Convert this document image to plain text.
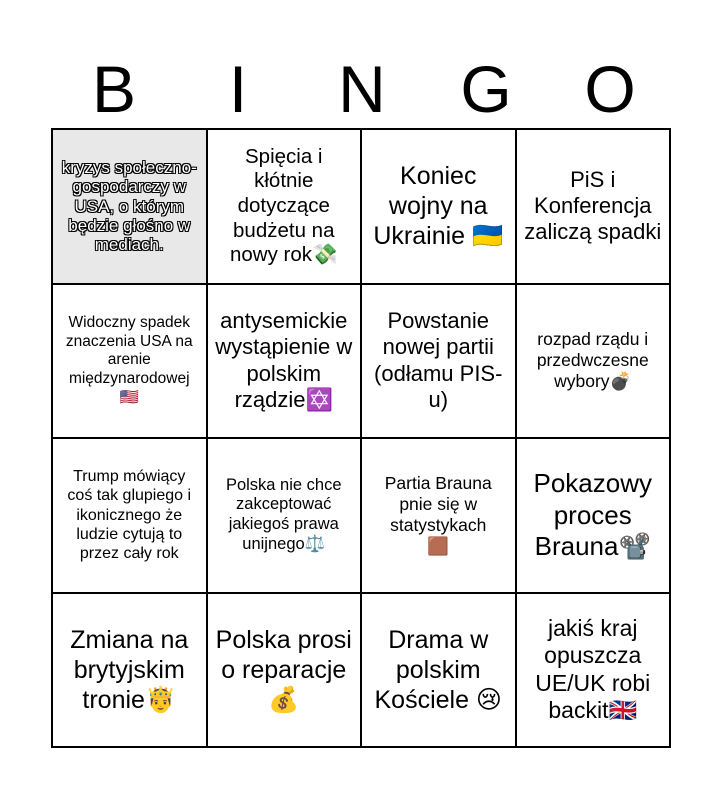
B	I	N	G	O
kryzys społeczno-gospodarczy w USA, o którym będzie głośno w mediach.
Spięcia i kłótnie dotyczące budżetu na nowy rok💸
Koniec wojny na Ukrainie 🇺🇦
PiS i Konferencja zaliczą spadki
Widoczny spadek znaczenia USA na arenie międzynarodowej 🇺🇸
antysemickie wystąpienie w polskim rządzie✡️
Powstanie nowej partii (odłamu PIS-u)
rozpad rządu i przedwczesne wybory💣
Trump mówiący coś tak glupiego i ikonicznego że ludzie cytują to przez cały rok
Polska nie chce zakceptować jakiegoś prawa unijnego⚖️
Partia Brauna pnie się w statystykach 🟫
Pokazowy proces Brauna📽️
Zmiana na brytyjskim tronie🤴
Polska prosi o reparacje 💰
Drama w polskim Kościele 😢
jakiś kraj opuszcza UE/UK robi backit🇬🇧
